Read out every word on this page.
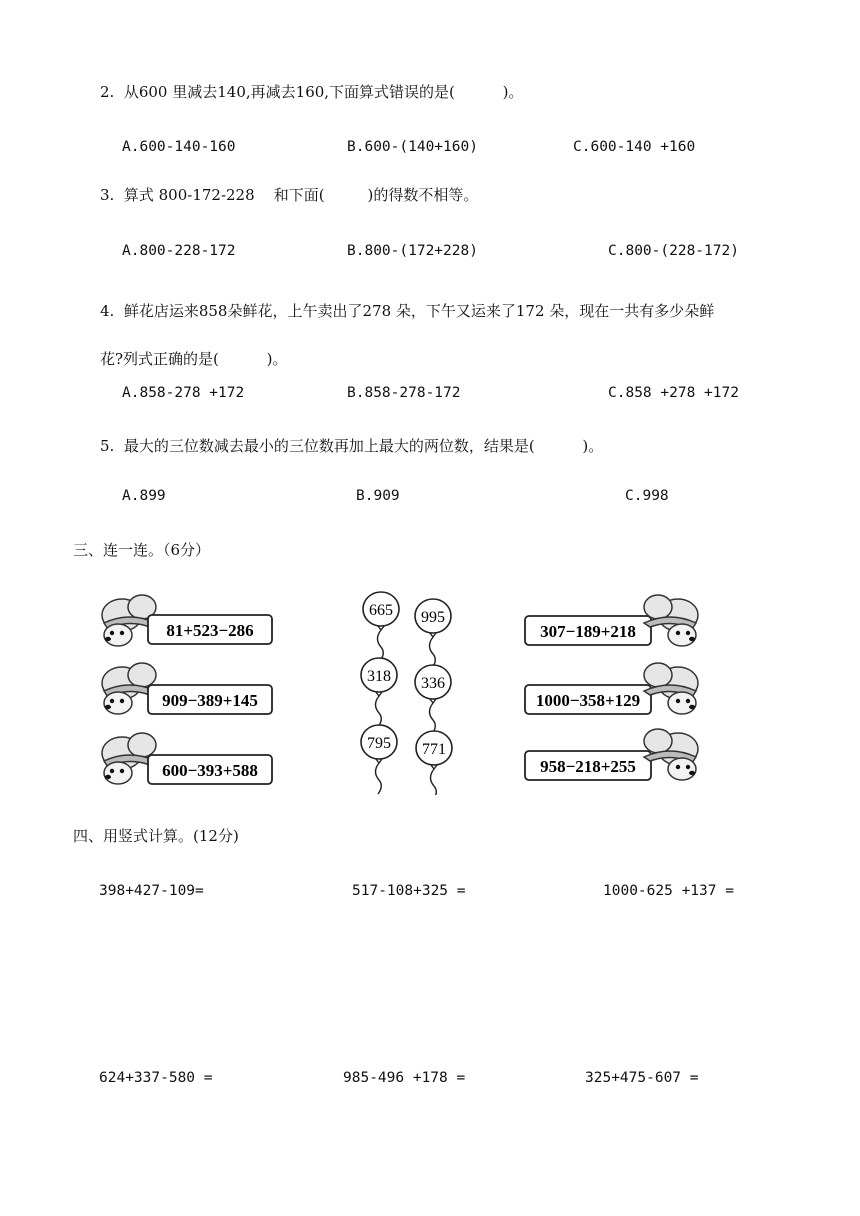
2.  从600 里减去140,再减去160,下面算式错误的是(          )。
A.600-140-160	B.600-(140+160)	C.600-140 +160
3.  算式 800-172-228    和下面(         )的得数不相等。
A.800-228-172	B.800-(172+228)	C.800-(228-172)
4.  鲜花店运来858朵鲜花，上午卖出了278 朵，下午又运来了172 朵，现在一共有多少朵鲜
花?列式正确的是(          )。
A.858-278 +172	B.858-278-172	C.858 +278 +172
5.  最大的三位数减去最小的三位数再加上最大的两位数，结果是(          )。
A.899	B.909	C.998
三、连一连。（6分）
81+523−286
909−389+145
600−393+588
665 995
318 336
795 771
307−189+218
1000−358+129
958−218+255
四、用竖式计算。(12分)
398+427-109=	517-108+325 =	1000-625 +137 =
624+337-580 =	985-496 +178 =	325+475-607 =
